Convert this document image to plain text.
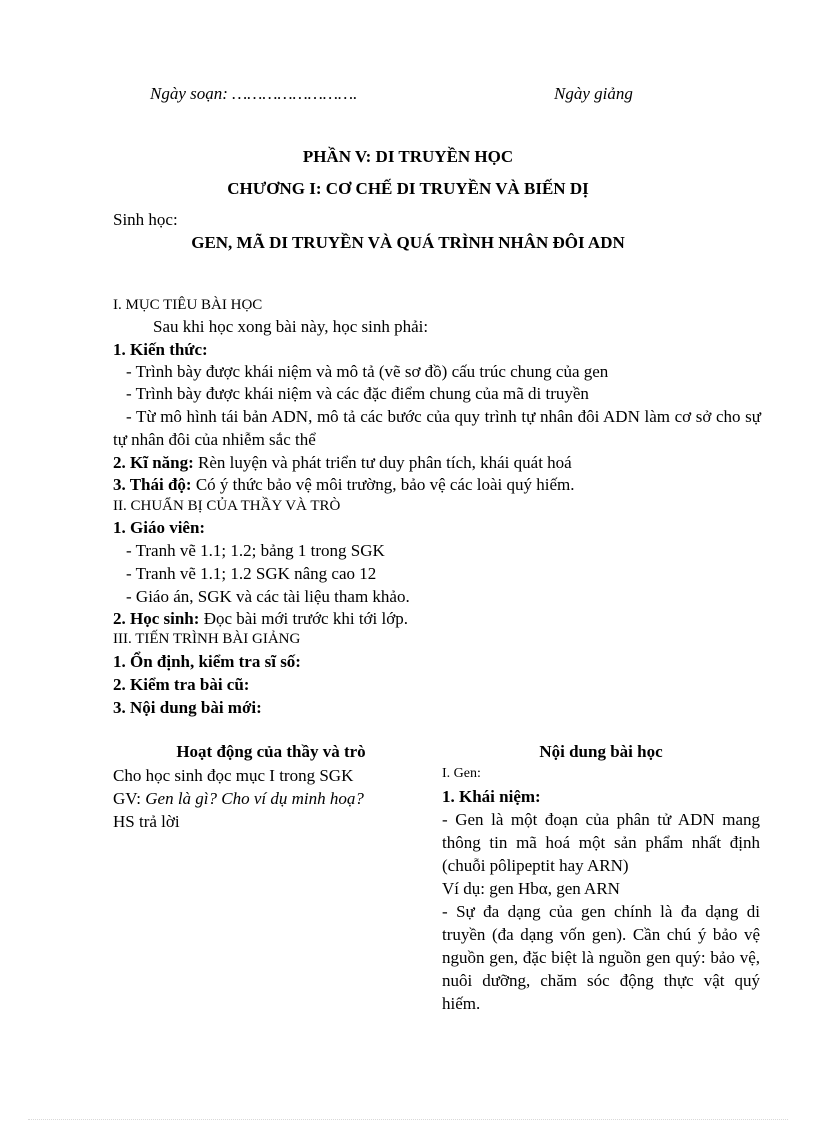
Ngày soạn: …………………….	Ngày giảng
PHẦN V: DI TRUYỀN HỌC
CHƯƠNG I: CƠ CHẾ DI TRUYỀN VÀ BIẾN DỊ
Sinh học:
GEN, MÃ DI TRUYỀN VÀ QUÁ TRÌNH NHÂN ĐÔI ADN
I. MỤC TIÊU BÀI HỌC
Sau khi học xong bài này, học sinh phải:
1. Kiến thức:
- Trình bày được khái niệm và mô tả (vẽ sơ đồ) cấu trúc chung của gen
- Trình bày được khái niệm và các đặc điểm chung của mã di truyền
- Từ mô hình tái bản ADN, mô tả các bước của quy trình tự nhân đôi ADN làm cơ sở cho sự tự nhân đôi của nhiễm sắc thể
2. Kĩ năng: Rèn luyện và phát triển tư duy phân tích, khái quát hoá
3. Thái độ: Có ý thức bảo vệ môi trường, bảo vệ các loài quý hiếm.
II. CHUẨN BỊ CỦA THẦY VÀ TRÒ
1. Giáo viên:
- Tranh vẽ 1.1; 1.2; bảng 1 trong SGK
- Tranh vẽ 1.1; 1.2 SGK nâng cao 12
- Giáo án, SGK và các tài liệu tham khảo.
2. Học sinh: Đọc bài mới trước khi tới lớp.
III. TIẾN TRÌNH BÀI GIẢNG
1. Ổn định, kiểm tra sĩ số:
2. Kiểm tra bài cũ:
3. Nội dung bài mới:
Hoạt động của thầy và trò	Nội dung bài học
Cho học sinh đọc mục I trong SGK
GV: Gen là gì? Cho ví dụ minh hoạ?
HS trả lời
I. Gen:
1. Khái niệm:
- Gen là một đoạn của phân tử ADN mang thông tin mã hoá một sản phẩm nhất định (chuỗi pôlipeptit hay ARN)
Ví dụ: gen Hbα, gen ARN
- Sự đa dạng của gen chính là đa dạng di truyền (đa dạng vốn gen). Cần chú ý bảo vệ nguồn gen, đặc biệt là nguồn gen quý: bảo vệ, nuôi dưỡng, chăm sóc động thực vật quý hiếm.
